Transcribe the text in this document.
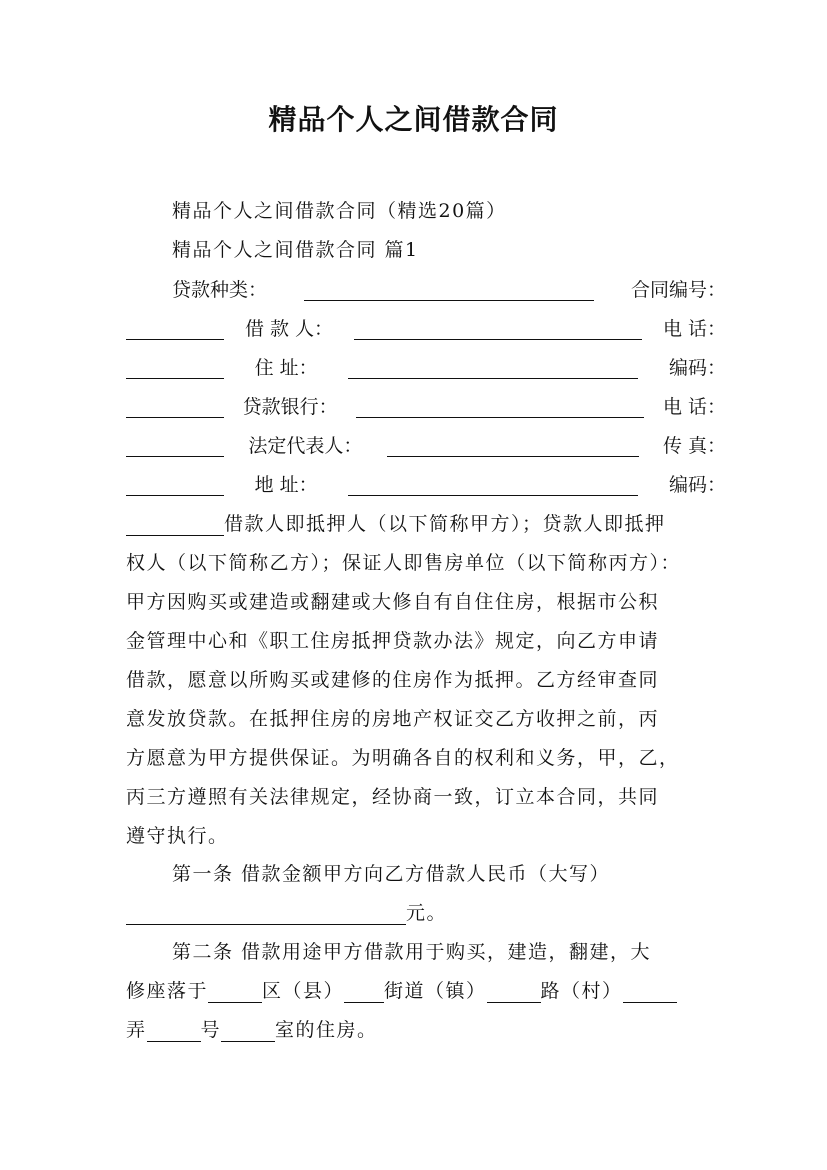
精品个人之间借款合同
精品个人之间借款合同（精选20篇）
精品个人之间借款合同 篇1
贷款种类：	合同编号：
借 款 人：	电 话：
住 址：	编码：
贷款银行：	电 话：
法定代表人：	传 真：
地 址：	编码：
借款人即抵押人（以下简称甲方）；贷款人即抵押
权人（以下简称乙方）；保证人即售房单位（以下简称丙方）：
甲方因购买或建造或翻建或大修自有自住住房，根据市公积
金管理中心和《职工住房抵押贷款办法》规定，向乙方申请
借款，愿意以所购买或建修的住房作为抵押。乙方经审查同
意发放贷款。在抵押住房的房地产权证交乙方收押之前，丙
方愿意为甲方提供保证。为明确各自的权利和义务，甲，乙，
丙三方遵照有关法律规定，经协商一致，订立本合同，共同
遵守执行。
第一条 借款金额甲方向乙方借款人民币（大写）
元。
第二条 借款用途甲方借款用于购买，建造，翻建，大
修座落于	区（县） 街道（镇）	路（村）
弄	号	室的住房。
